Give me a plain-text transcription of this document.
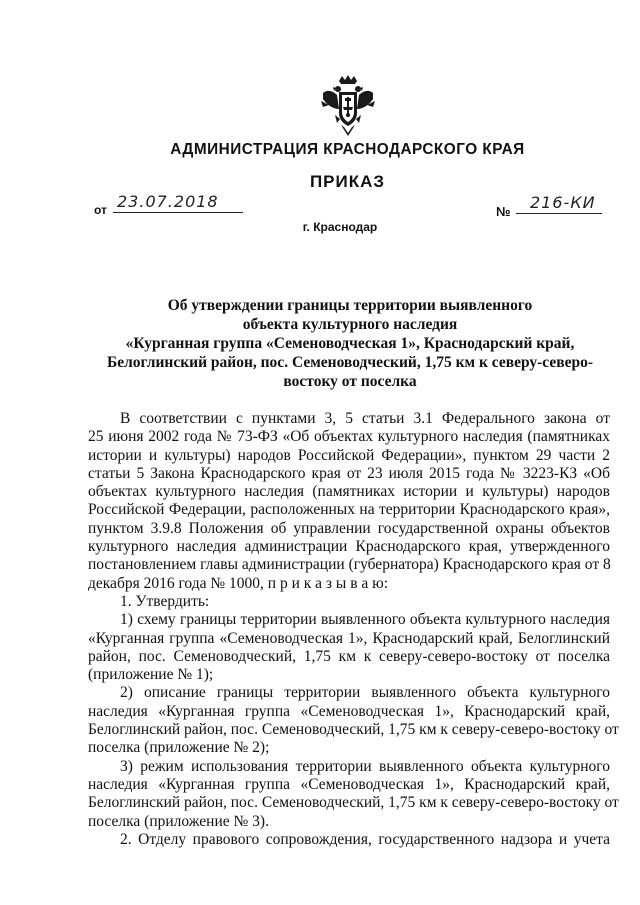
АДМИНИСТРАЦИЯ КРАСНОДАРСКОГО КРАЯ
ПРИКАЗ
от 23.07.2018
№	216-КИ
г. Краснодар
Об утверждении границы территории выявленного
объекта культурного наследия
«Курганная группа «Семеноводческая 1», Краснодарский край,
Белоглинский район, пос. Семеноводческий, 1,75 км к северу-северо-
востоку от поселка
В соответствии с пунктами 3, 5 статьи 3.1 Федерального закона от
25 июня 2002 года № 73-ФЗ «Об объектах культурного наследия (памятниках
истории и культуры) народов Российской Федерации», пунктом 29 части 2
статьи 5 Закона Краснодарского края от 23 июля 2015 года № 3223-КЗ «Об
объектах культурного наследия (памятниках истории и культуры) народов
Российской Федерации, расположенных на территории Краснодарского края»,
пунктом 3.9.8 Положения об управлении государственной охраны объектов
культурного наследия администрации Краснодарского края, утвержденного
постановлением главы администрации (губернатора) Краснодарского края от 8
декабря 2016 года № 1000, п р и к а з ы в а ю:
1. Утвердить:
1) схему границы территории выявленного объекта культурного наследия
«Курганная группа «Семеноводческая 1», Краснодарский край, Белоглинский
район, пос. Семеноводческий, 1,75 км к северу-северо-востоку от поселка
(приложение № 1);
2) описание границы территории выявленного объекта культурного
наследия «Курганная группа «Семеноводческая 1», Краснодарский край,
Белоглинский район, пос. Семеноводческий, 1,75 км к северу-северо-востоку от
поселка (приложение № 2);
3) режим использования территории выявленного объекта культурного
наследия «Курганная группа «Семеноводческая 1», Краснодарский край,
Белоглинский район, пос. Семеноводческий, 1,75 км к северу-северо-востоку от
поселка (приложение № 3).
2. Отделу правового сопровождения, государственного надзора и учета
